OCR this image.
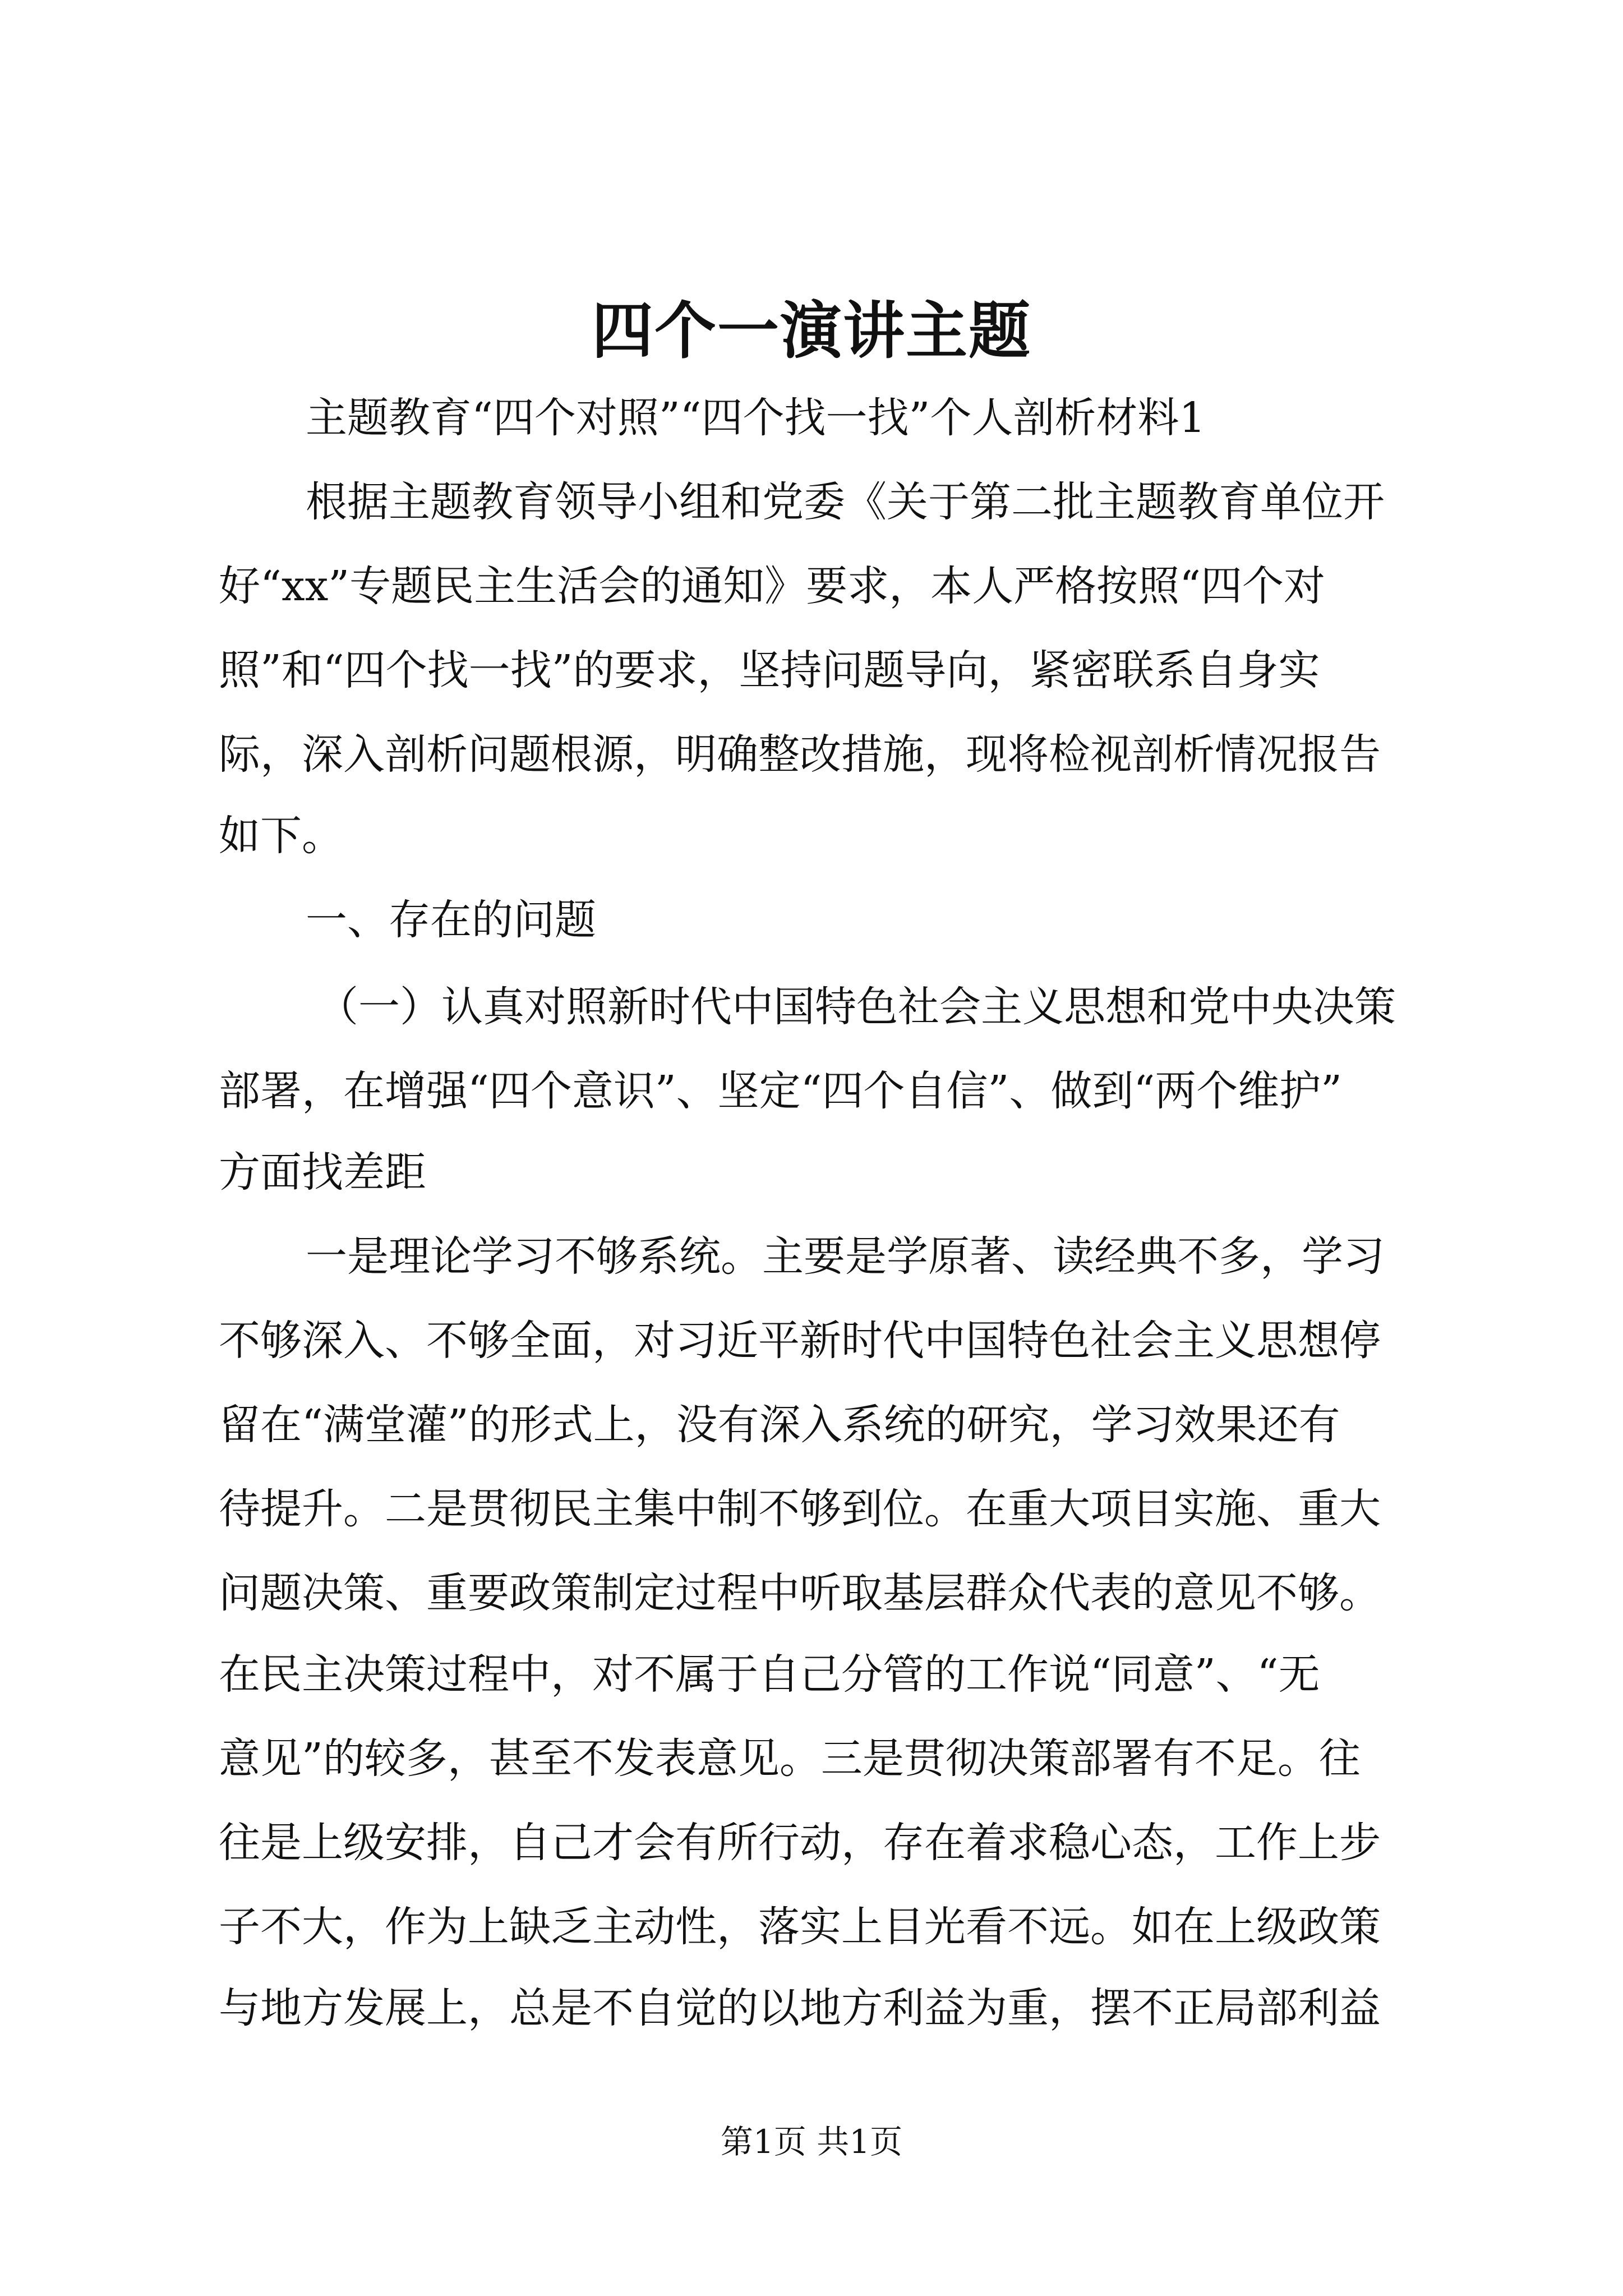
四个一演讲主题
主题教育“四个对照”“四个找一找”个人剖析材料1
根据主题教育领导小组和党委《关于第二批主题教育单位开
好“xx”专题民主生活会的通知》要求，本人严格按照“四个对
照”和“四个找一找”的要求，坚持问题导向，紧密联系自身实
际，深入剖析问题根源，明确整改措施，现将检视剖析情况报告
如下。
一、存在的问题
（一）认真对照新时代中国特色社会主义思想和党中央决策
部署，在增强“四个意识”、坚定“四个自信”、做到“两个维护”
方面找差距
一是理论学习不够系统。主要是学原著、读经典不多，学习
不够深入、不够全面，对习近平新时代中国特色社会主义思想停
留在“满堂灌”的形式上，没有深入系统的研究，学习效果还有
待提升。二是贯彻民主集中制不够到位。在重大项目实施、重大
问题决策、重要政策制定过程中听取基层群众代表的意见不够。
在民主决策过程中，对不属于自己分管的工作说“同意”、“无
意见”的较多，甚至不发表意见。三是贯彻决策部署有不足。往
往是上级安排，自己才会有所行动，存在着求稳心态，工作上步
子不大，作为上缺乏主动性，落实上目光看不远。如在上级政策
与地方发展上，总是不自觉的以地方利益为重，摆不正局部利益
第1页 共1页
